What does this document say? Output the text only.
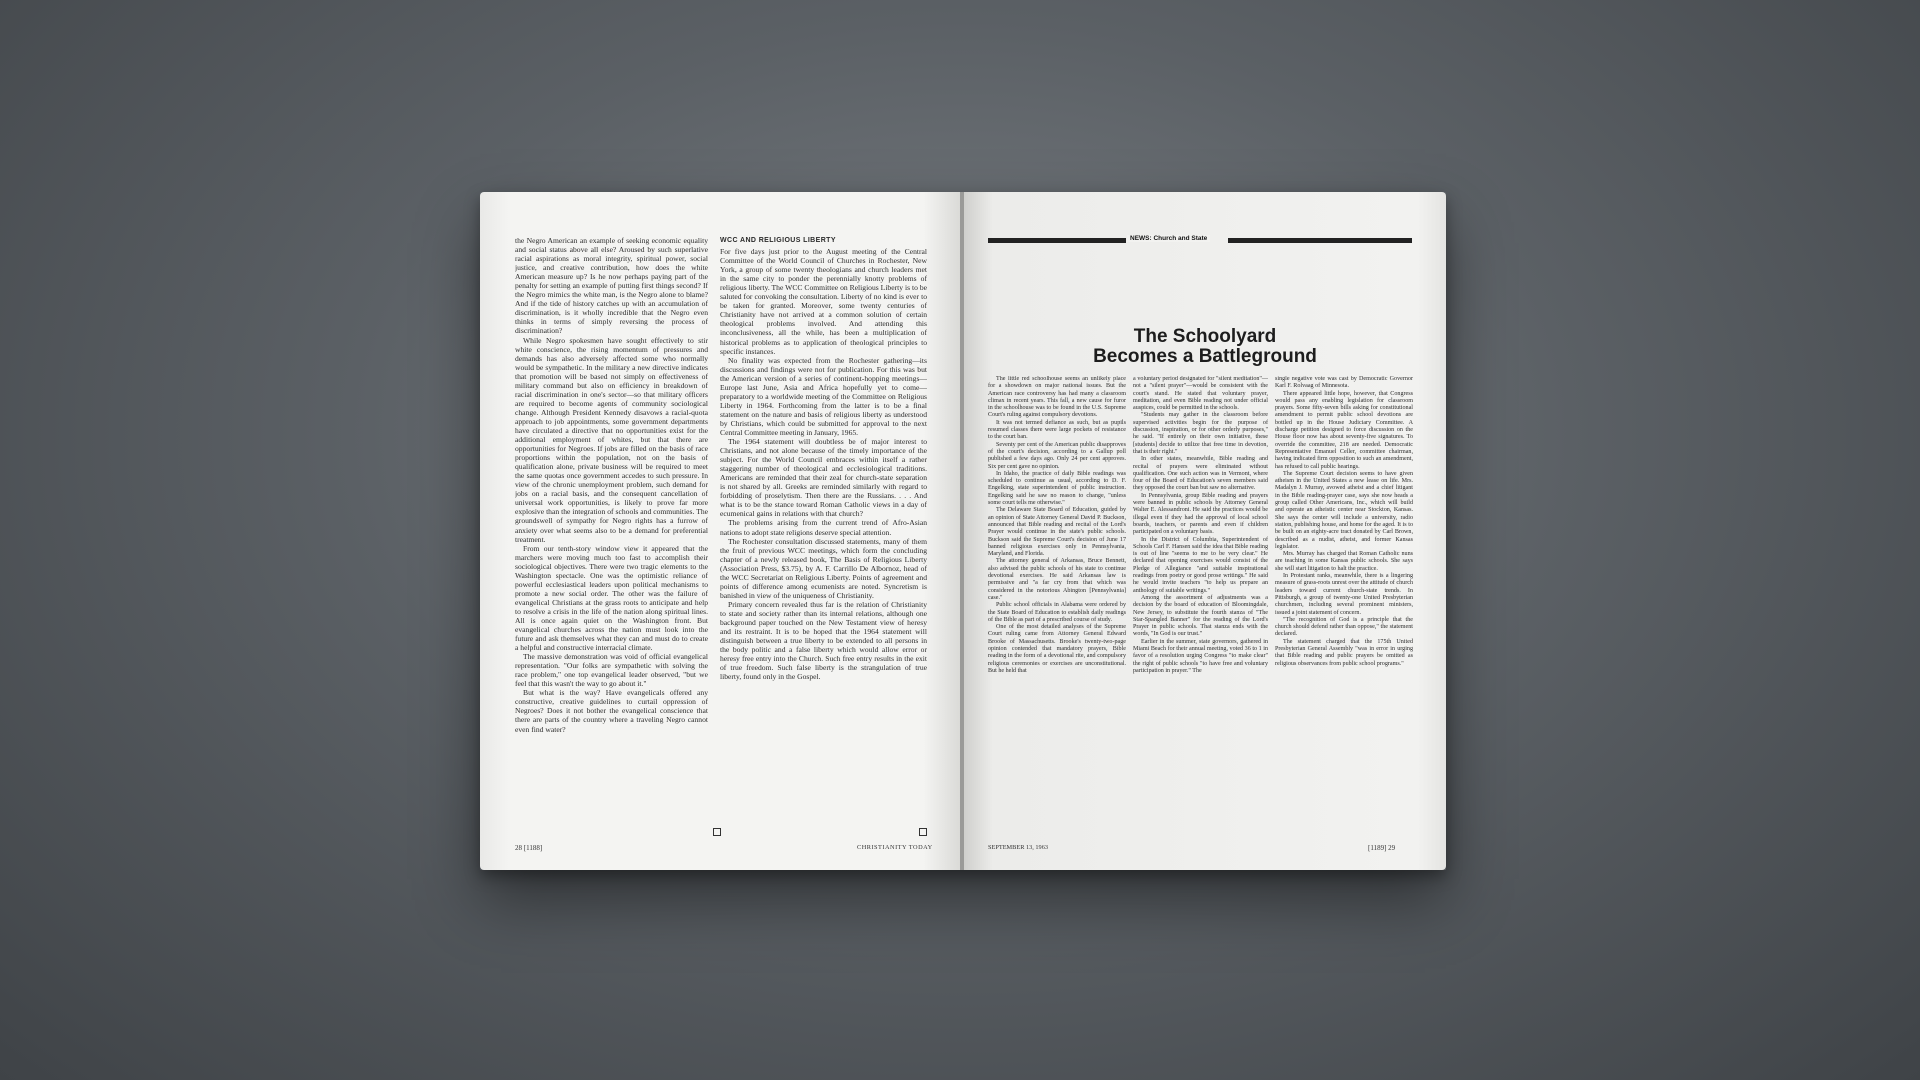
the Negro American an example of seeking economic equality and social status above all else? Aroused by such superlative racial aspirations as moral integrity, spiritual power, social justice, and creative contribution, how does the white American measure up? Is he now perhaps paying part of the penalty for setting an example of putting first things second? If the Negro mimics the white man, is the Negro alone to blame? And if the tide of history catches up with an accumulation of discrimination, is it wholly incredible that the Negro even thinks in terms of simply reversing the process of discrimination?

While Negro spokesmen have sought effectively to stir white conscience, the rising momentum of pressures and demands has also adversely affected some who normally would be sympathetic. In the military a new directive indicates that promotion will be based not simply on effectiveness of military command but also on efficiency in breakdown of racial discrimination in one's sector—so that military officers are required to become agents of community sociological change. Although President Kennedy disavows a racial-quota approach to job appointments, some government departments have circulated a directive that no opportunities exist for the additional employment of whites, but that there are opportunities for Negroes. If jobs are filled on the basis of race proportions within the population, not on the basis of qualification alone, private business will be required to meet the same quotas once government accedes to such pressure. In view of the chronic unemployment problem, such demand for jobs on a racial basis, and the consequent cancellation of universal work opportunities, is likely to prove far more explosive than the integration of schools and communities. The groundswell of sympathy for Negro rights has a furrow of anxiety over what seems also to be a demand for preferential treatment.

From our tenth-story window view it appeared that the marchers were moving much too fast to accomplish their sociological objectives. There were two tragic elements to the Washington spectacle. One was the optimistic reliance of powerful ecclesiastical leaders upon political mechanisms to promote a new social order. The other was the failure of evangelical Christians at the grass roots to anticipate and help to resolve a crisis in the life of the nation along spiritual lines. All is once again quiet on the Washington front. But evangelical churches across the nation must look into the future and ask themselves what they can and must do to create a helpful and constructive interracial climate.

The massive demonstration was void of official evangelical representation. "Our folks are sympathetic with solving the race problem," one top evangelical leader observed, "but we feel that this wasn't the way to go about it."

But what is the way? Have evangelicals offered any constructive, creative guidelines to curtail oppression of Negroes? Does it not bother the evangelical conscience that there are parts of the country where a traveling Negro cannot even find water?

WCC AND RELIGIOUS LIBERTY

For five days just prior to the August meeting of the Central Committee of the World Council of Churches in Rochester, New York, a group of some twenty theologians and church leaders met in the same city to ponder the perennially knotty problems of religious liberty. The WCC Committee on Religious Liberty is to be saluted for convoking the consultation. Liberty of no kind is ever to be taken for granted. Moreover, some twenty centuries of Christianity have not arrived at a common solution of certain theological problems involved. And attending this inconclusiveness, all the while, has been a multiplication of historical problems as to application of theological principles to specific instances.

No finality was expected from the Rochester gathering—its discussions and findings were not for publication. For this was but the American version of a series of continent-hopping meetings—Europe last June, Asia and Africa hopefully yet to come—preparatory to a worldwide meeting of the Committee on Religious Liberty in 1964. Forthcoming from the latter is to be a final statement on the nature and basis of religious liberty as understood by Christians, which could be submitted for approval to the next Central Committee meeting in January, 1965.

The 1964 statement will doubtless be of major interest to Christians, and not alone because of the timely importance of the subject. For the World Council embraces within itself a rather staggering number of theological and ecclesiological traditions. Americans are reminded that their zeal for church-state separation is not shared by all. Greeks are reminded similarly with regard to forbidding of proselytism. Then there are the Russians. . . . And what is to be the stance toward Roman Catholic views in a day of ecumenical gains in relations with that church?

The problems arising from the current trend of Afro-Asian nations to adopt state religions deserve special attention.

The Rochester consultation discussed statements, many of them the fruit of previous WCC meetings, which form the concluding chapter of a newly released book, The Basis of Religious Liberty (Association Press, $3.75), by A. F. Carrillo De Albornoz, head of the WCC Secretariat on Religious Liberty. Points of agreement and points of difference among ecumenists are noted. Syncretism is banished in view of the uniqueness of Christianity.

Primary concern revealed thus far is the relation of Christianity to state and society rather than its internal relations, although one background paper touched on the New Testament view of heresy and its restraint. It is to be hoped that the 1964 statement will distinguish between a true liberty to be extended to all persons in the body politic and a false liberty which would allow error or heresy free entry into the Church. Such free entry results in the exit of true freedom. Such false liberty is the strangulation of true liberty, found only in the Gospel.

28 [1188]	CHRISTIANITY TODAY
NEWS: Church and State
The Schoolyard
Becomes a Battleground

The little red schoolhouse seems an unlikely place for a showdown on major national issues. But the American race controversy has had many a classroom climax in recent years. This fall, a new cause for furor in the schoolhouse was to be found in the U.S. Supreme Court's ruling against compulsory devotions.

It was not termed defiance as such, but as pupils resumed classes there were large pockets of resistance to the court ban.

Seventy per cent of the American public disapproves of the court's decision, according to a Gallup poll published a few days ago. Only 24 per cent approves. Six per cent gave no opinion.

In Idaho, the practice of daily Bible readings was scheduled to continue as usual, according to D. F. Engelking, state superintendent of public instruction. Engelking said he saw no reason to change, "unless some court tells me otherwise."

The Delaware State Board of Education, guided by an opinion of State Attorney General David P. Buckson, announced that Bible reading and recital of the Lord's Prayer would continue in the state's public schools. Buckson said the Supreme Court's decision of June 17 banned religious exercises only in Pennsylvania, Maryland, and Florida.

The attorney general of Arkansas, Bruce Bennett, also advised the public schools of his state to continue devotional exercises. He said Arkansas law is permissive and "a far cry from that which was considered in the notorious Abington [Pennsylvania] case."

Public school officials in Alabama were ordered by the State Board of Education to establish daily readings of the Bible as part of a prescribed course of study.

One of the most detailed analyses of the Supreme Court ruling came from Attorney General Edward Brooke of Massachusetts. Brooke's twenty-two-page opinion contended that mandatory prayers, Bible reading in the form of a devotional rite, and compulsory religious ceremonies or exercises are unconstitutional. But he held that

a voluntary period designated for "silent meditation"—not a "silent prayer"—would be consistent with the court's stand. He stated that voluntary prayer, meditation, and even Bible reading not under official auspices, could be permitted in the schools.

"Students may gather in the classroom before supervised activities begin for the purpose of discussion, inspiration, or for other orderly purposes," he said. "If entirely on their own initiative, these [students] decide to utilize that free time in devotion, that is their right."

In other states, meanwhile, Bible reading and recital of prayers were eliminated without qualification. One such action was in Vermont, where four of the Board of Education's seven members said they opposed the court ban but saw no alternative.

In Pennsylvania, group Bible reading and prayers were banned in public schools by Attorney General Walter E. Alessandroni. He said the practices would be illegal even if they had the approval of local school boards, teachers, or parents and even if children participated on a voluntary basis.

In the District of Columbia, Superintendent of Schools Carl F. Hansen said the idea that Bible reading is out of line "seems to me to be very clear." He declared that opening exercises would consist of the Pledge of Allegiance "and suitable inspirational readings from poetry or good prose writings." He said he would invite teachers "to help us prepare an anthology of suitable writings."

Among the assortment of adjustments was a decision by the board of education of Bloomingdale, New Jersey, to substitute the fourth stanza of "The Star-Spangled Banner" for the reading of the Lord's Prayer in public schools. That stanza ends with the words, "In God is our trust."

Earlier in the summer, state governors, gathered in Miami Beach for their annual meeting, voted 36 to 1 in favor of a resolution urging Congress "to make clear" the right of public schools "to have free and voluntary participation in prayer." The

single negative vote was cast by Democratic Governor Karl F. Rolvaag of Minnesota.

There appeared little hope, however, that Congress would pass any enabling legislation for classroom prayers. Some fifty-seven bills asking for constitutional amendment to permit public school devotions are bottled up in the House Judiciary Committee. A discharge petition designed to force discussion on the House floor now has about seventy-five signatures. To override the committee, 218 are needed. Democratic Representative Emanuel Celler, committee chairman, having indicated firm opposition to such an amendment, has refused to call public hearings.

The Supreme Court decision seems to have given atheism in the United States a new lease on life. Mrs. Madalyn J. Murray, avowed atheist and a chief litigant in the Bible reading-prayer case, says she now heads a group called Other Americans, Inc., which will build and operate an atheistic center near Stockton, Kansas. She says the center will include a university, radio station, publishing house, and home for the aged. It is to be built on an eighty-acre tract donated by Carl Brown, described as a nudist, atheist, and former Kansas legislator.

Mrs. Murray has charged that Roman Catholic nuns are teaching in some Kansas public schools. She says she will start litigation to halt the practice.

In Protestant ranks, meanwhile, there is a lingering measure of grass-roots unrest over the attitude of church leaders toward current church-state trends. In Pittsburgh, a group of twenty-one United Presbyterian churchmen, including several prominent ministers, issued a joint statement of concern.

"The recognition of God is a principle that the church should defend rather than oppose," the statement declared.

The statement charged that the 175th United Presbyterian General Assembly "was in error in urging that Bible reading and public prayers be omitted as religious observances from public school programs."

SEPTEMBER 13, 1963	[1189] 29
